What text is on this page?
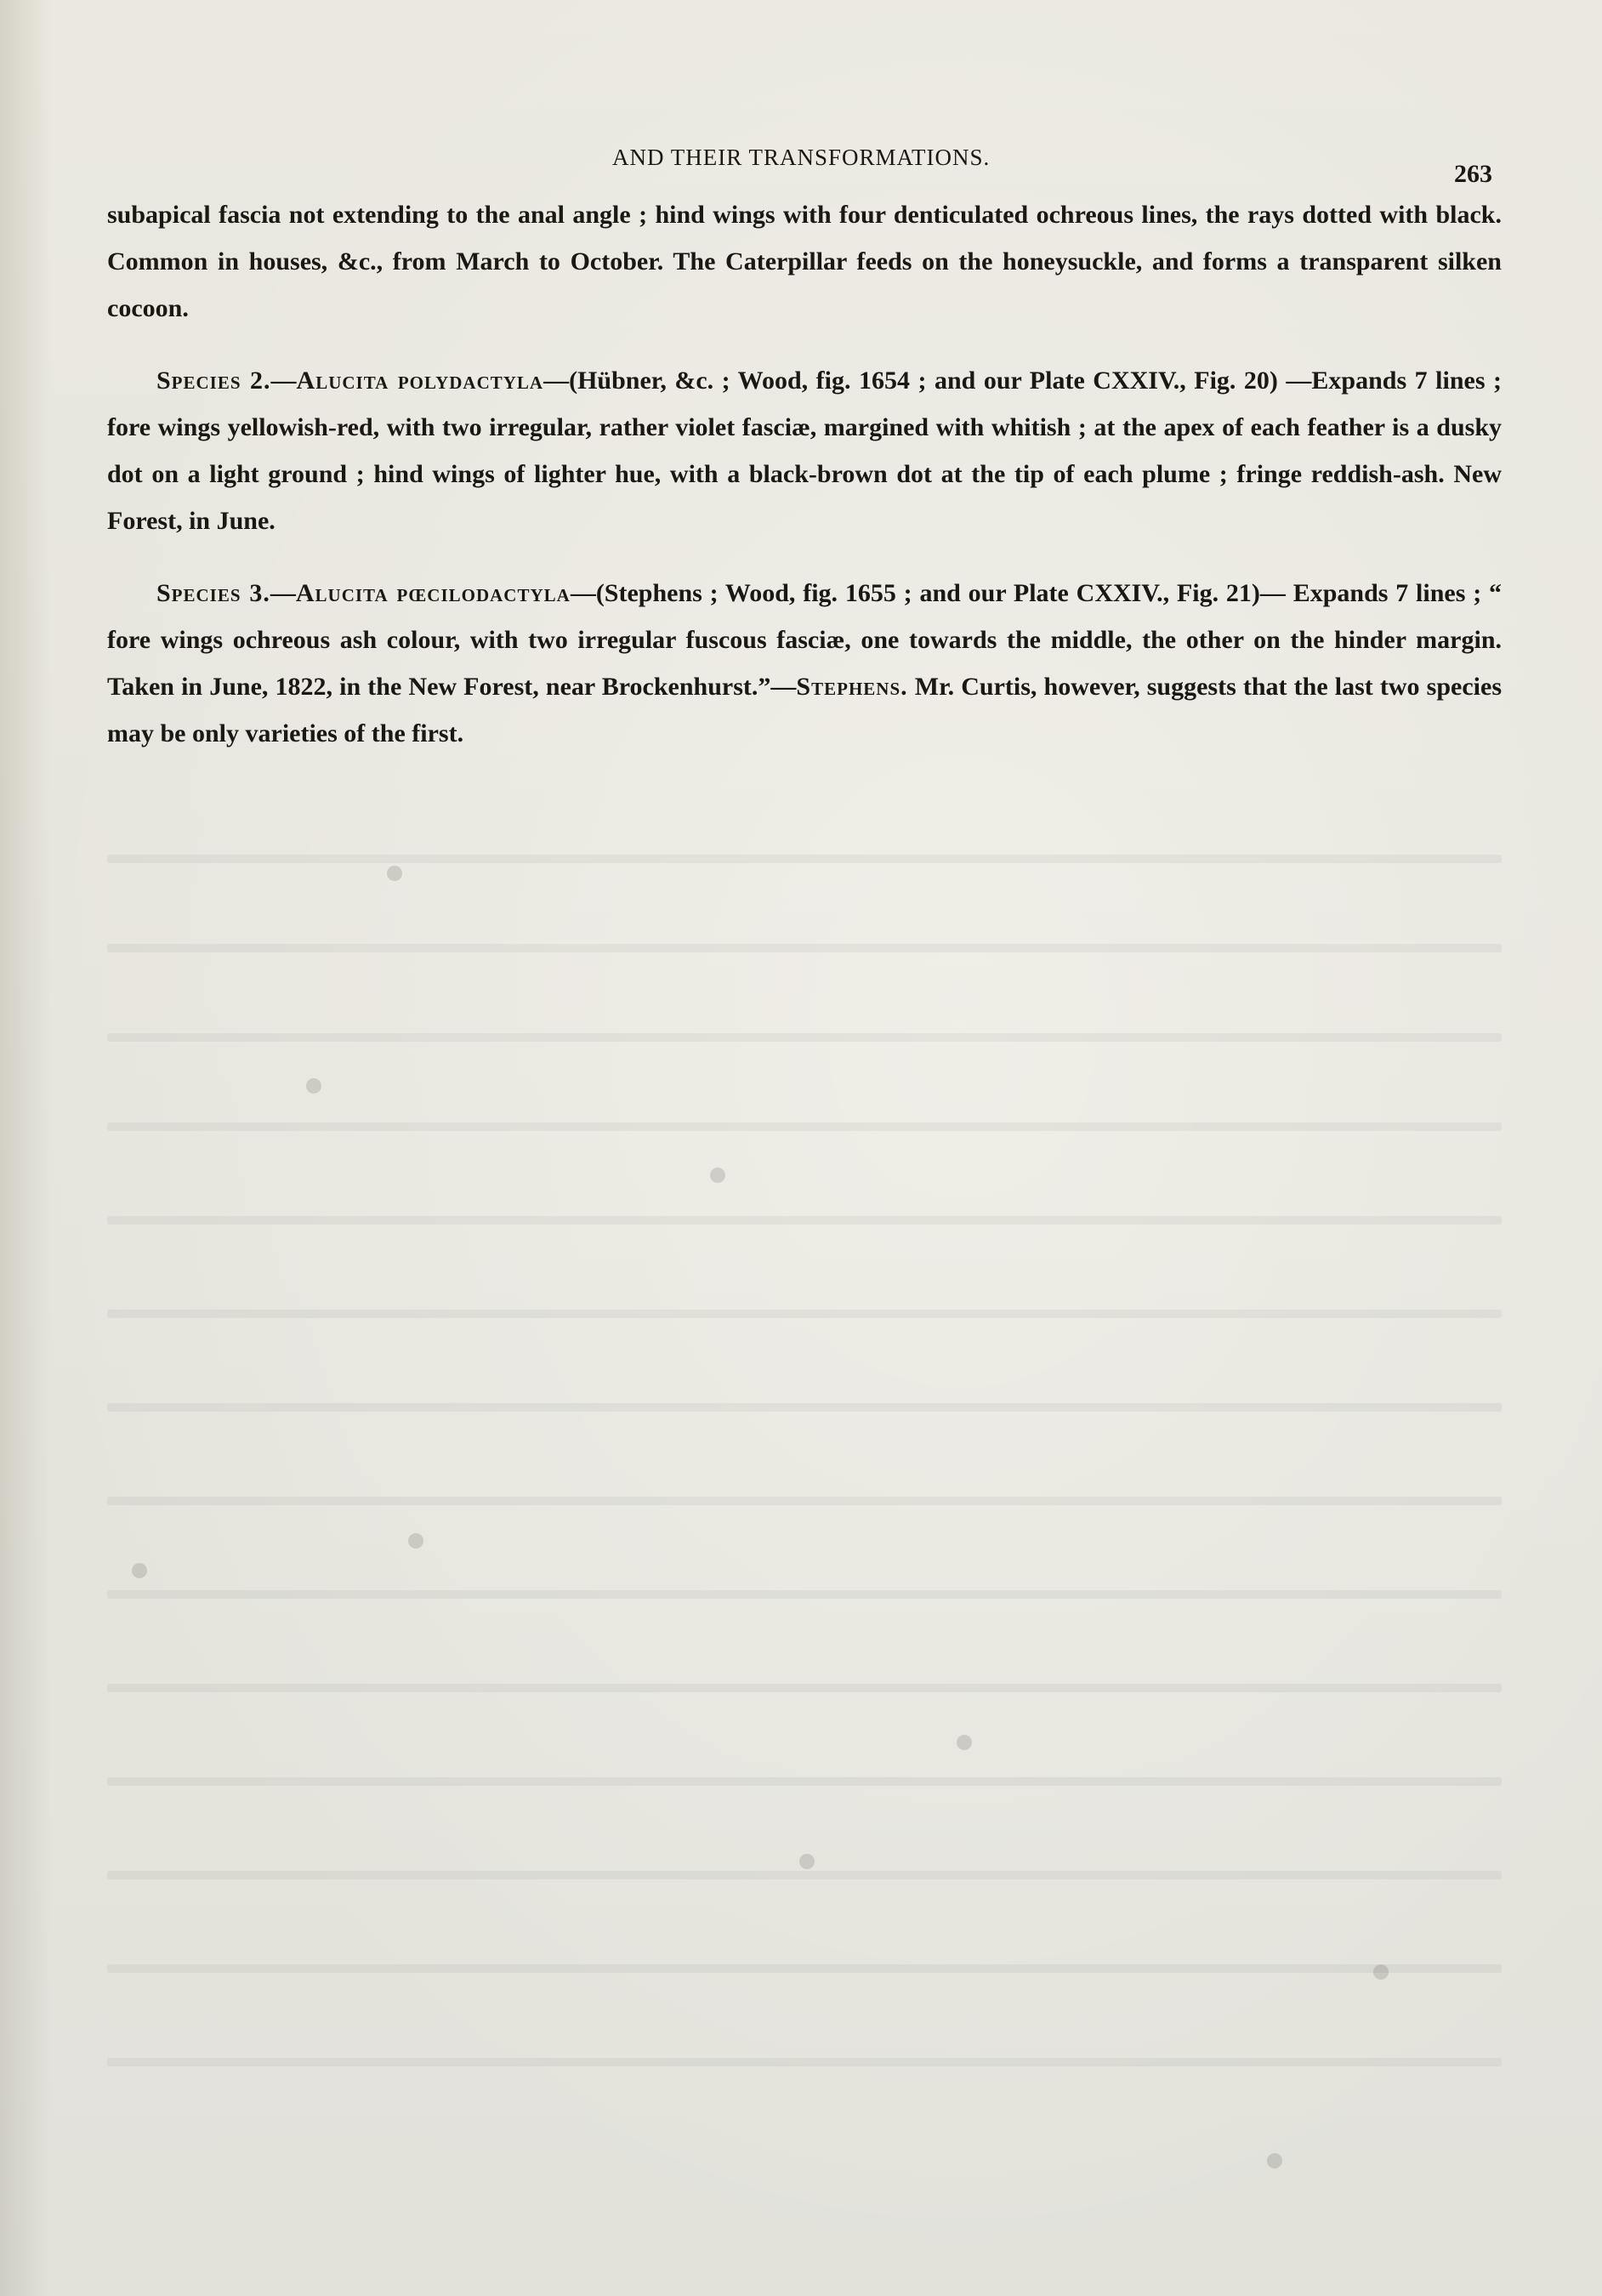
AND THEIR TRANSFORMATIONS.
263

subapical fascia not extending to the anal angle ; hind wings with four denticulated ochreous lines, the rays dotted with black. Common in houses, &c., from March to October. The Caterpillar feeds on the honeysuckle, and forms a transparent silken cocoon.

Species 2.—Alucita polydactyla—(Hübner, &c. ; Wood, fig. 1654 ; and our Plate CXXIV., Fig. 20) —Expands 7 lines ; fore wings yellowish-red, with two irregular, rather violet fasciæ, margined with whitish ; at the apex of each feather is a dusky dot on a light ground ; hind wings of lighter hue, with a black-brown dot at the tip of each plume ; fringe reddish-ash. New Forest, in June.

Species 3.—Alucita pœcilodactyla—(Stephens ; Wood, fig. 1655 ; and our Plate CXXIV., Fig. 21)— Expands 7 lines ; “ fore wings ochreous ash colour, with two irregular fuscous fasciæ, one towards the middle, the other on the hinder margin. Taken in June, 1822, in the New Forest, near Brockenhurst.”—Stephens. Mr. Curtis, however, suggests that the last two species may be only varieties of the first.
